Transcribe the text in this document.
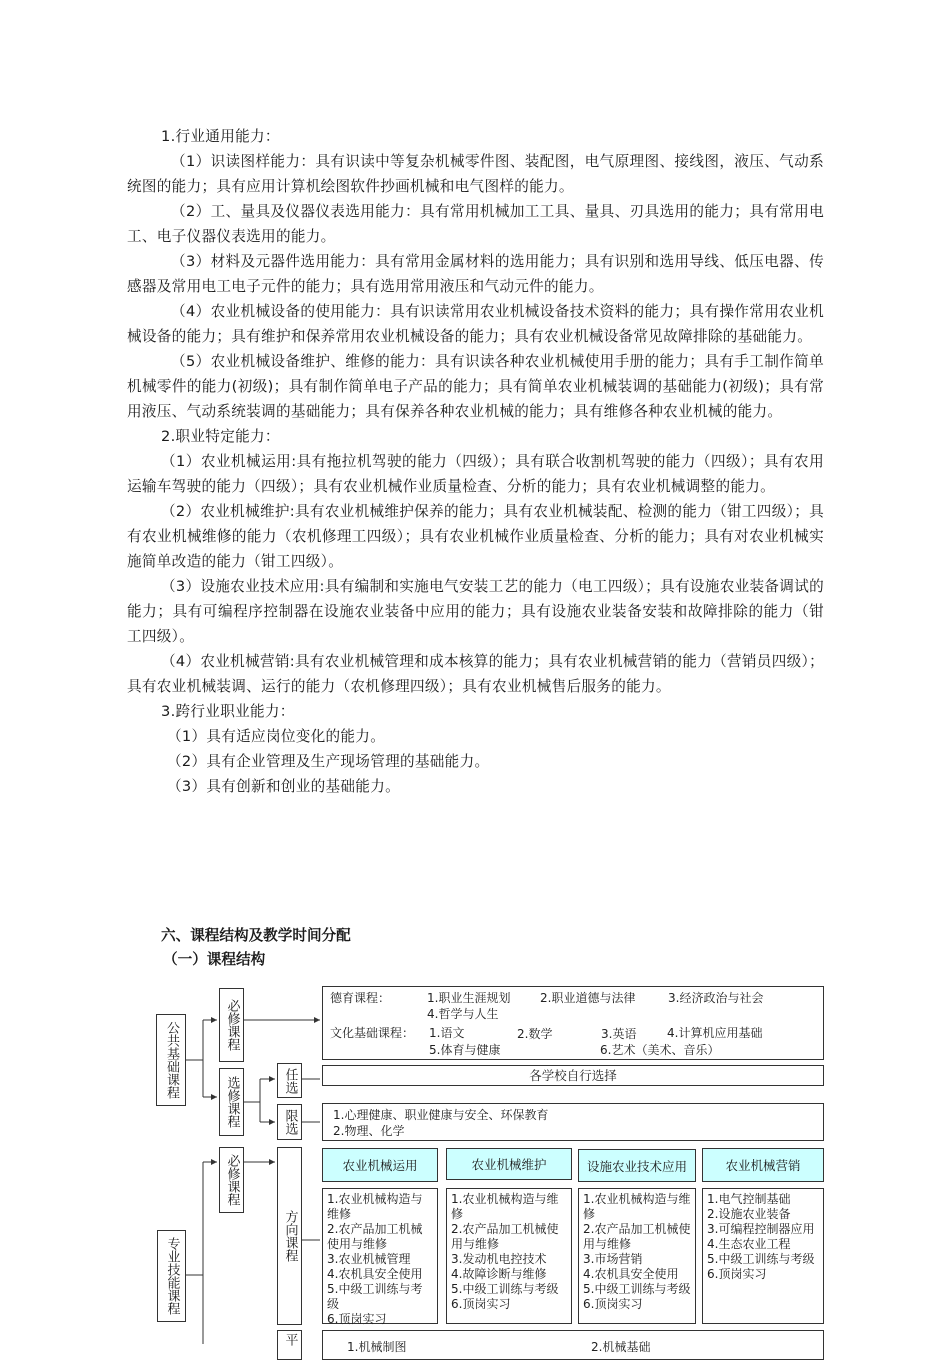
1.行业通用能力：

（1）识读图样能力：具有识读中等复杂机械零件图、装配图，电气原理图、接线图，液压、气动系统图的能力；具有应用计算机绘图软件抄画机械和电气图样的能力。

（2）工、量具及仪器仪表选用能力：具有常用机械加工工具、量具、刃具选用的能力；具有常用电工、电子仪器仪表选用的能力。

（3）材料及元器件选用能力：具有常用金属材料的选用能力；具有识别和选用导线、低压电器、传感器及常用电工电子元件的能力；具有选用常用液压和气动元件的能力。

（4）农业机械设备的使用能力：具有识读常用农业机械设备技术资料的能力；具有操作常用农业机械设备的能力；具有维护和保养常用农业机械设备的能力；具有农业机械设备常见故障排除的基础能力。

（5）农业机械设备维护、维修的能力：具有识读各种农业机械使用手册的能力；具有手工制作简单机械零件的能力(初级)；具有制作简单电子产品的能力；具有简单农业机械装调的基础能力(初级)；具有常用液压、气动系统装调的基础能力；具有保养各种农业机械的能力；具有维修各种农业机械的能力。

2.职业特定能力：

（1）农业机械运用:具有拖拉机驾驶的能力（四级）；具有联合收割机驾驶的能力（四级）；具有农用运输车驾驶的能力（四级）；具有农业机械作业质量检查、分析的能力；具有农业机械调整的能力。

（2）农业机械维护:具有农业机械维护保养的能力；具有农业机械装配、检测的能力（钳工四级）；具有农业机械维修的能力（农机修理工四级）；具有农业机械作业质量检查、分析的能力；具有对农业机械实施简单改造的能力（钳工四级）。

（3）设施农业技术应用:具有编制和实施电气安装工艺的能力（电工四级）；具有设施农业装备调试的能力；具有可编程序控制器在设施农业装备中应用的能力；具有设施农业装备安装和故障排除的能力（钳工四级）。

（4）农业机械营销:具有农业机械管理和成本核算的能力；具有农业机械营销的能力（营销员四级）；具有农业机械装调、运行的能力（农机修理四级）；具有农业机械售后服务的能力。

3.跨行业职业能力：

（1）具有适应岗位变化的能力。

（2）具有企业管理及生产现场管理的基础能力。

（3）具有创新和创业的基础能力。

六、课程结构及教学时间分配
（一）课程结构
公共基础课程	必修课程
选修课程	任选
限选
必修课程
方向课程
专业技能课程
平
德育课程：	1.职业生涯规划 2.职业道德与法律	3.经济政治与社会
4.哲学与人生
文化基础课程： 1.语文	2.数学	3.英语	4.计算机应用基础
5.体育与健康	6.艺术（美术、音乐）
各学校自行选择
1.心理健康、职业健康与安全、环保教育
2.物理、化学
农业机械运用	农业机械维护	设施农业技术应用	农业机械营销
1.农业机械构造与维修
2.农产品加工机械使用与维修
3.农业机械管理
4.农机具安全使用
5.中级工训练与考级
6.顶岗实习
1.农业机械构造与维修
2.农产品加工机械使用与维修
3.发动机电控技术
4.故障诊断与维修
5.中级工训练与考级
6.顶岗实习
1.农业机械构造与维修
2.农产品加工机械使用与维修
3.市场营销
4.农机具安全使用
5.中级工训练与考级
6.顶岗实习
1.电气控制基础
2.设施农业装备
3.可编程控制器应用
4.生态农业工程
5.中级工训练与考级
6.顶岗实习
1.机械制图	2.机械基础
